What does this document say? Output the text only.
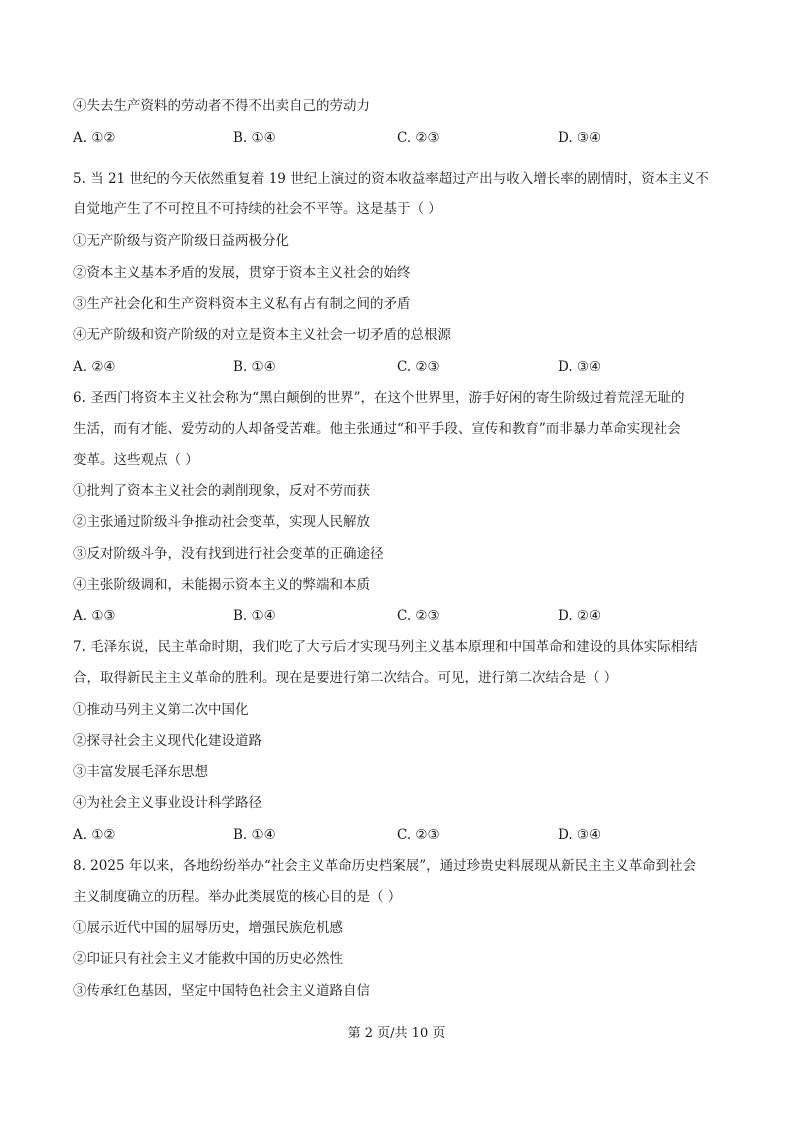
④失去生产资料的劳动者不得不出卖自己的劳动力
A. ①②	B. ①④	C. ②③	D. ③④
5. 当 21 世纪的今天依然重复着 19 世纪上演过的资本收益率超过产出与收入增长率的剧情时，资本主义不
自觉地产生了不可控且不可持续的社会不平等。这是基于（ ）
①无产阶级与资产阶级日益两极分化
②资本主义基本矛盾的发展，贯穿于资本主义社会的始终
③生产社会化和生产资料资本主义私有占有制之间的矛盾
④无产阶级和资产阶级的对立是资本主义社会一切矛盾的总根源
A. ②④	B. ①④	C. ②③	D. ③④
6. 圣西门将资本主义社会称为“黑白颠倒的世界”，在这个世界里，游手好闲的寄生阶级过着荒淫无耻的
生活，而有才能、爱劳动的人却备受苦难。他主张通过“和平手段、宣传和教育”而非暴力革命实现社会
变革。这些观点（ ）
①批判了资本主义社会的剥削现象，反对不劳而获
②主张通过阶级斗争推动社会变革，实现人民解放
③反对阶级斗争，没有找到进行社会变革的正确途径
④主张阶级调和，未能揭示资本主义的弊端和本质
A. ①③	B. ①④	C. ②③	D. ②④
7. 毛泽东说，民主革命时期，我们吃了大亏后才实现马列主义基本原理和中国革命和建设的具体实际相结
合，取得新民主主义革命的胜利。现在是要进行第二次结合。可见，进行第二次结合是（ ）
①推动马列主义第二次中国化
②探寻社会主义现代化建设道路
③丰富发展毛泽东思想
④为社会主义事业设计科学路径
A. ①②	B. ①④	C. ②③	D. ③④
8. 2025 年以来，各地纷纷举办“社会主义革命历史档案展”，通过珍贵史料展现从新民主主义革命到社会
主义制度确立的历程。举办此类展览的核心目的是（ ）
①展示近代中国的屈辱历史，增强民族危机感
②印证只有社会主义才能救中国的历史必然性
③传承红色基因，坚定中国特色社会主义道路自信
第 2 页/共 10 页
